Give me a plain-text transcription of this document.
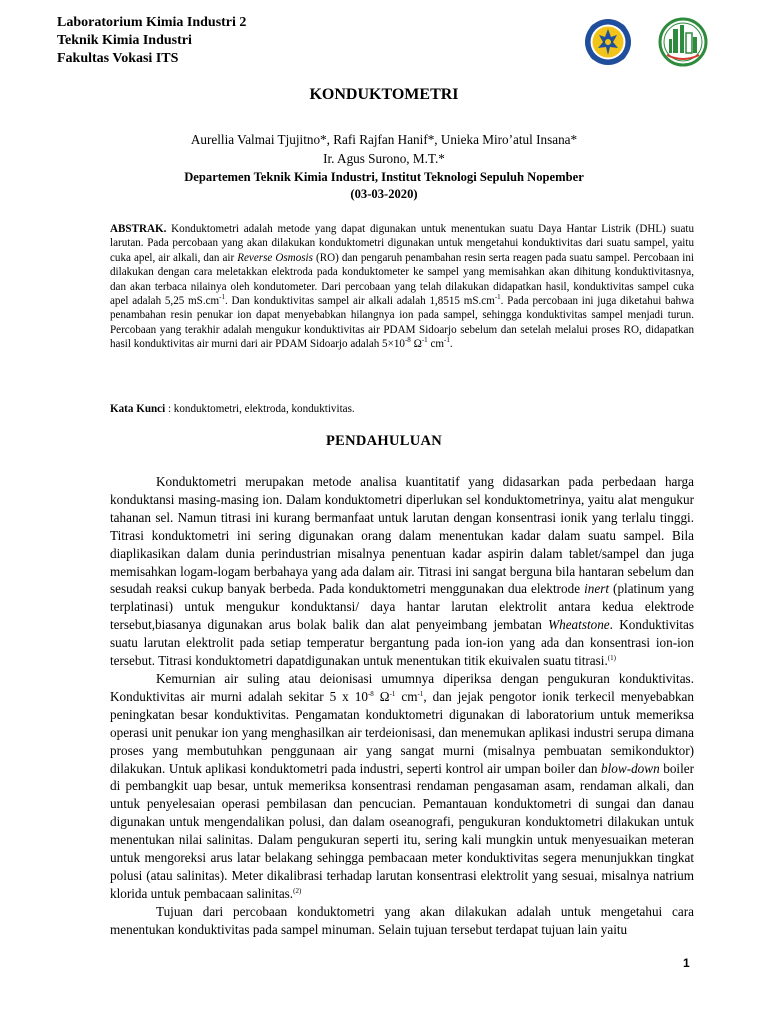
Laboratorium Kimia Industri 2
Teknik Kimia Industri
Fakultas Vokasi ITS
KONDUKTOMETRI
Aurellia Valmai Tjujitno*, Rafi Rajfan Hanif*, Unieka Miro’atul Insana*
Ir. Agus Surono, M.T.*
Departemen Teknik Kimia Industri, Institut Teknologi Sepuluh Nopember
(03-03-2020)
ABSTRAK. Konduktometri adalah metode yang dapat digunakan untuk menentukan suatu Daya Hantar Listrik (DHL) suatu larutan. Pada percobaan yang akan dilakukan konduktometri digunakan untuk mengetahui konduktivitas dari suatu sampel, yaitu cuka apel, air alkali, dan air Reverse Osmosis (RO) dan pengaruh penambahan resin serta reagen pada suatu sampel. Percobaan ini dilakukan dengan cara meletakkan elektroda pada konduktometer ke sampel yang memisahkan akan dihitung konduktivitasnya, dan akan terbaca nilainya oleh kondutometer. Dari percobaan yang telah dilakukan didapatkan hasil, konduktivitas sampel cuka apel adalah 5,25 $mS.cm^{-1}$. Dan konduktivitas sampel air alkali adalah 1,8515 $mS.cm^{-1}$. Pada percobaan ini juga diketahui bahwa penambahan resin penukar ion dapat menyebabkan hilangnya ion pada sampel, sehingga konduktivitas sampel menjadi turun. Percobaan yang terakhir adalah mengukur konduktivitas air PDAM Sidoarjo sebelum dan setelah melalui proses RO, didapatkan hasil konduktivitas air murni dari air PDAM Sidoarjo adalah $5\times 10^{-8}$ $\Omega^{-1}$ $cm^{-1}$.
Kata Kunci : konduktometri, elektroda, konduktivitas.
PENDAHULUAN

Konduktometri merupakan metode analisa kuantitatif yang didasarkan pada perbedaan harga konduktansi masing-masing ion. Dalam konduktometri diperlukan sel konduktometrinya, yaitu alat mengukur tahanan sel. Namun titrasi ini kurang bermanfaat untuk larutan dengan konsentrasi ionik yang terlalu tinggi. Titrasi konduktometri ini sering digunakan orang dalam menentukan kadar dalam suatu sampel. Bila diaplikasikan dalam dunia perindustrian misalnya penentuan kadar aspirin dalam tablet/sampel dan juga memisahkan logam-logam berbahaya yang ada dalam air. Titrasi ini sangat berguna bila hantaran sebelum dan sesudah reaksi cukup banyak berbeda. Pada konduktometri menggunakan dua elektrode inert (platinum yang terplatinasi) untuk mengukur konduktansi/ daya hantar larutan elektrolit antara kedua elektrode tersebut,biasanya digunakan arus bolak balik dan alat penyeimbang jembatan Wheatstone. Konduktivitas suatu larutan elektrolit pada setiap temperatur bergantung pada ion-ion yang ada dan konsentrasi ion-ion tersebut. Titrasi konduktometri dapatdigunakan untuk menentukan titik ekuivalen suatu titrasi.$^{(1)}$

Kemurnian air suling atau deionisasi umumnya diperiksa dengan pengukuran konduktivitas. Konduktivitas air murni adalah sekitar 5 x $10^{-8}$ $\Omega^{-1}$ $cm^{-1}$, dan jejak pengotor ionik terkecil menyebabkan peningkatan besar konduktivitas. Pengamatan konduktometri digunakan di laboratorium untuk memeriksa operasi unit penukar ion yang menghasilkan air terdeionisasi, dan menemukan aplikasi industri serupa dimana proses yang membutuhkan penggunaan air yang sangat murni (misalnya pembuatan semikonduktor) dilakukan. Untuk aplikasi konduktometri pada industri, seperti kontrol air umpan boiler dan blow-down boiler di pembangkit uap besar, untuk memeriksa konsentrasi rendaman pengasaman asam, rendaman alkali, dan untuk penyelesaian operasi pembilasan dan pencucian. Pemantauan konduktometri di sungai dan danau digunakan untuk mengendalikan polusi, dan dalam oseanografi, pengukuran konduktometri dilakukan untuk menentukan nilai salinitas. Dalam pengukuran seperti itu, sering kali mungkin untuk menyesuaikan meteran untuk mengoreksi arus latar belakang sehingga pembacaan meter konduktivitas segera menunjukkan tingkat polusi (atau salinitas). Meter dikalibrasi terhadap larutan konsentrasi elektrolit yang sesuai, misalnya natrium klorida untuk pembacaan salinitas.$^{(2)}$

Tujuan dari percobaan konduktometri yang akan dilakukan adalah untuk mengetahui cara menentukan konduktivitas pada sampel minuman. Selain tujuan tersebut terdapat tujuan lain yaitu

1
